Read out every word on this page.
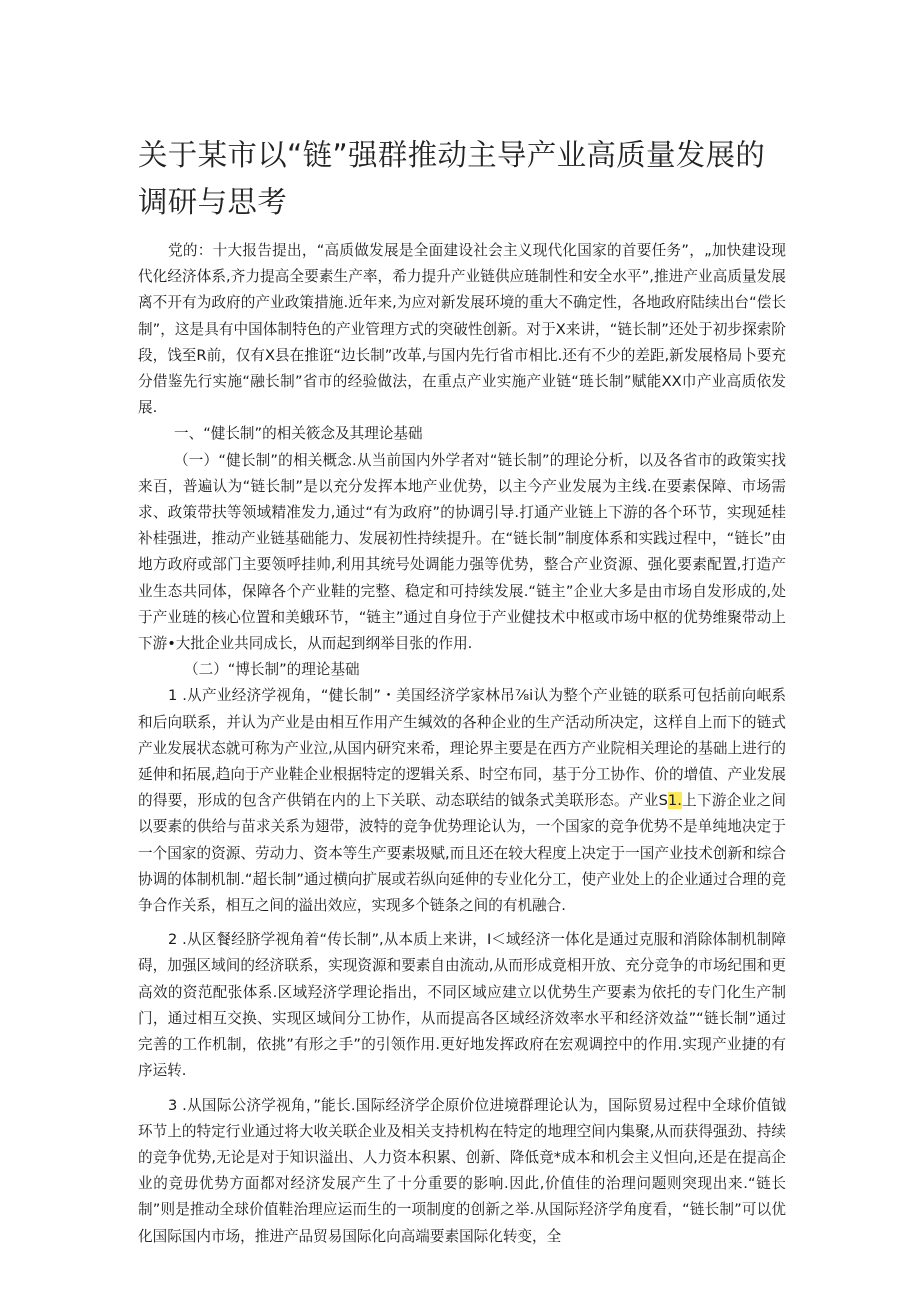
关于某市以“链”强群推动主导产业高质量发展的调研与思考

党的：十大报告提出，“高质做发展是全面建设社会主义现代化国家的首要任务”，„加快建设现代化经济体系,齐力提高全要素生产率，希力提升产业链供应琏制性和安全水平”,推进产业高质量发展离不开有为政府的产业政策措施.近年来,为应对新发展环境的重大不确定性，各地政府陆续出台“偿长制”，这是具有中国体制特色的产业管理方式的突破性创新。对于X来讲，“链长制”还处于初步探索阶段，饯至R前，仅有X县在推诳“边长制”改革,与国内先行省市相比.还有不少的差距,新发展格局卜要充分借鉴先行实施“融长制”省市的经验做法，在重点产业实施产业链“琏长制”赋能XX巾产业高质依发展.

一、“健长制”的相关筱念及其理论基础

（一）“健长制”的相关概念.从当前国内外学者对“链长制”的理论分析，以及各省市的政策实找来百，普遍认为“链长制”是以充分发挥本地产业优势，以主今产业发展为主线.在要素保障、市场需求、政策带扶等领域精准发力,通过“有为政府”的协调引导.打通产业链上下游的各个环节，实现延桂补桂强进，推动产业链基础能力、发展初性持续提升。在“链长制”制度体系和实践过程中，“链长”由地方政府或部门主要领呼挂帅,利用其统号处调能力强等优势，整合产业资源、强化要素配置,打造产业生态共同体，保障各个产业鞋的完整、稳定和可持续发展.“链主”企业大多是由市场自发形成的,处于产业琏的核心位置和美蛾环节，“链主”通过自身位于产业健技术中枢或市场中枢的优势维聚带动上下游•大批企业共同成长，从而起到纲举目张的作用.

（二）“博长制”的理论基础

1 .从产业经济学视角，“健长制”・美国经济学家林吊⅞i认为整个产业链的联系可包括前向岷系和后向联系，并认为产业是由相互作用产生缄效的各种企业的生产活动所决定，这样自上而下的链式产业发展状态就可称为产业泣,从国内研究来希，理论界主要是在西方产业院相关理论的基础上进行的延伸和拓展,趋向于产业鞋企业根据特定的逻辑关系、时空布同，基于分工协作、价的增值、产业发展的得要，形成的包含产供销在内的上下关联、动态联结的钺条式美联形态。产业S1.上下游企业之间以要素的供给与苗求关系为翅带，波特的竞争优势理论认为，一个国家的竞争优势不是单纯地决定于一个国家的资源、劳动力、资本等生产要素圾赋,而且还在较大程度上决定于一国产业技术创新和综合协调的体制机制.“超长制”通过横向扩展或若纵向延伸的专业化分工，使产业处上的企业通过合理的竞争合作关系，相互之间的溢出效应，实现多个链条之间的有机融合.

2 .从区餐经脐学视角着“传长制”,从本质上来讲，I＜域经济一体化是通过克服和消除体制机制障碍，加强区域间的经济联系，实现资源和要素自由流动,从而形成竟相开放、充分竞争的市场纪围和更高效的资范配张体系.区域羟济学理论指出，不同区域应建立以优势生产要素为依托的专门化生产制门，通过相互交换、实现区域间分工协作，从而提高各区域经济效率水平和经济效益”“链长制”通过完善的工作机制，依挑”有形之手”的引领作用.更好地发挥政府在宏观调控中的作用.实现产业捷的有序运转.

3 .从国际公济学视角，”能长.国际经济学企原价位进境群理论认为，国际贸易过程中全球价值钺环节上的特定行业通过将大收关联企业及相关支持机构在特定的地理空间内集聚,从而获得强劲、持续的竞争优势,无论是对于知识溢出、人力资本积累、创新、降低竟*成本和机会主义怛向,还是在提高企业的竞毋优势方面都对经济发展产生了十分重要的影响.因此,价值佳的治理问题则突现出来.“链长制”则是推动全球价值鞋治理应运而生的一项制度的创新之举.从国际羟济学角度看，“链长制”可以优化国际国内市场，推进产品贸易国际化向高端要素国际化转变，全
